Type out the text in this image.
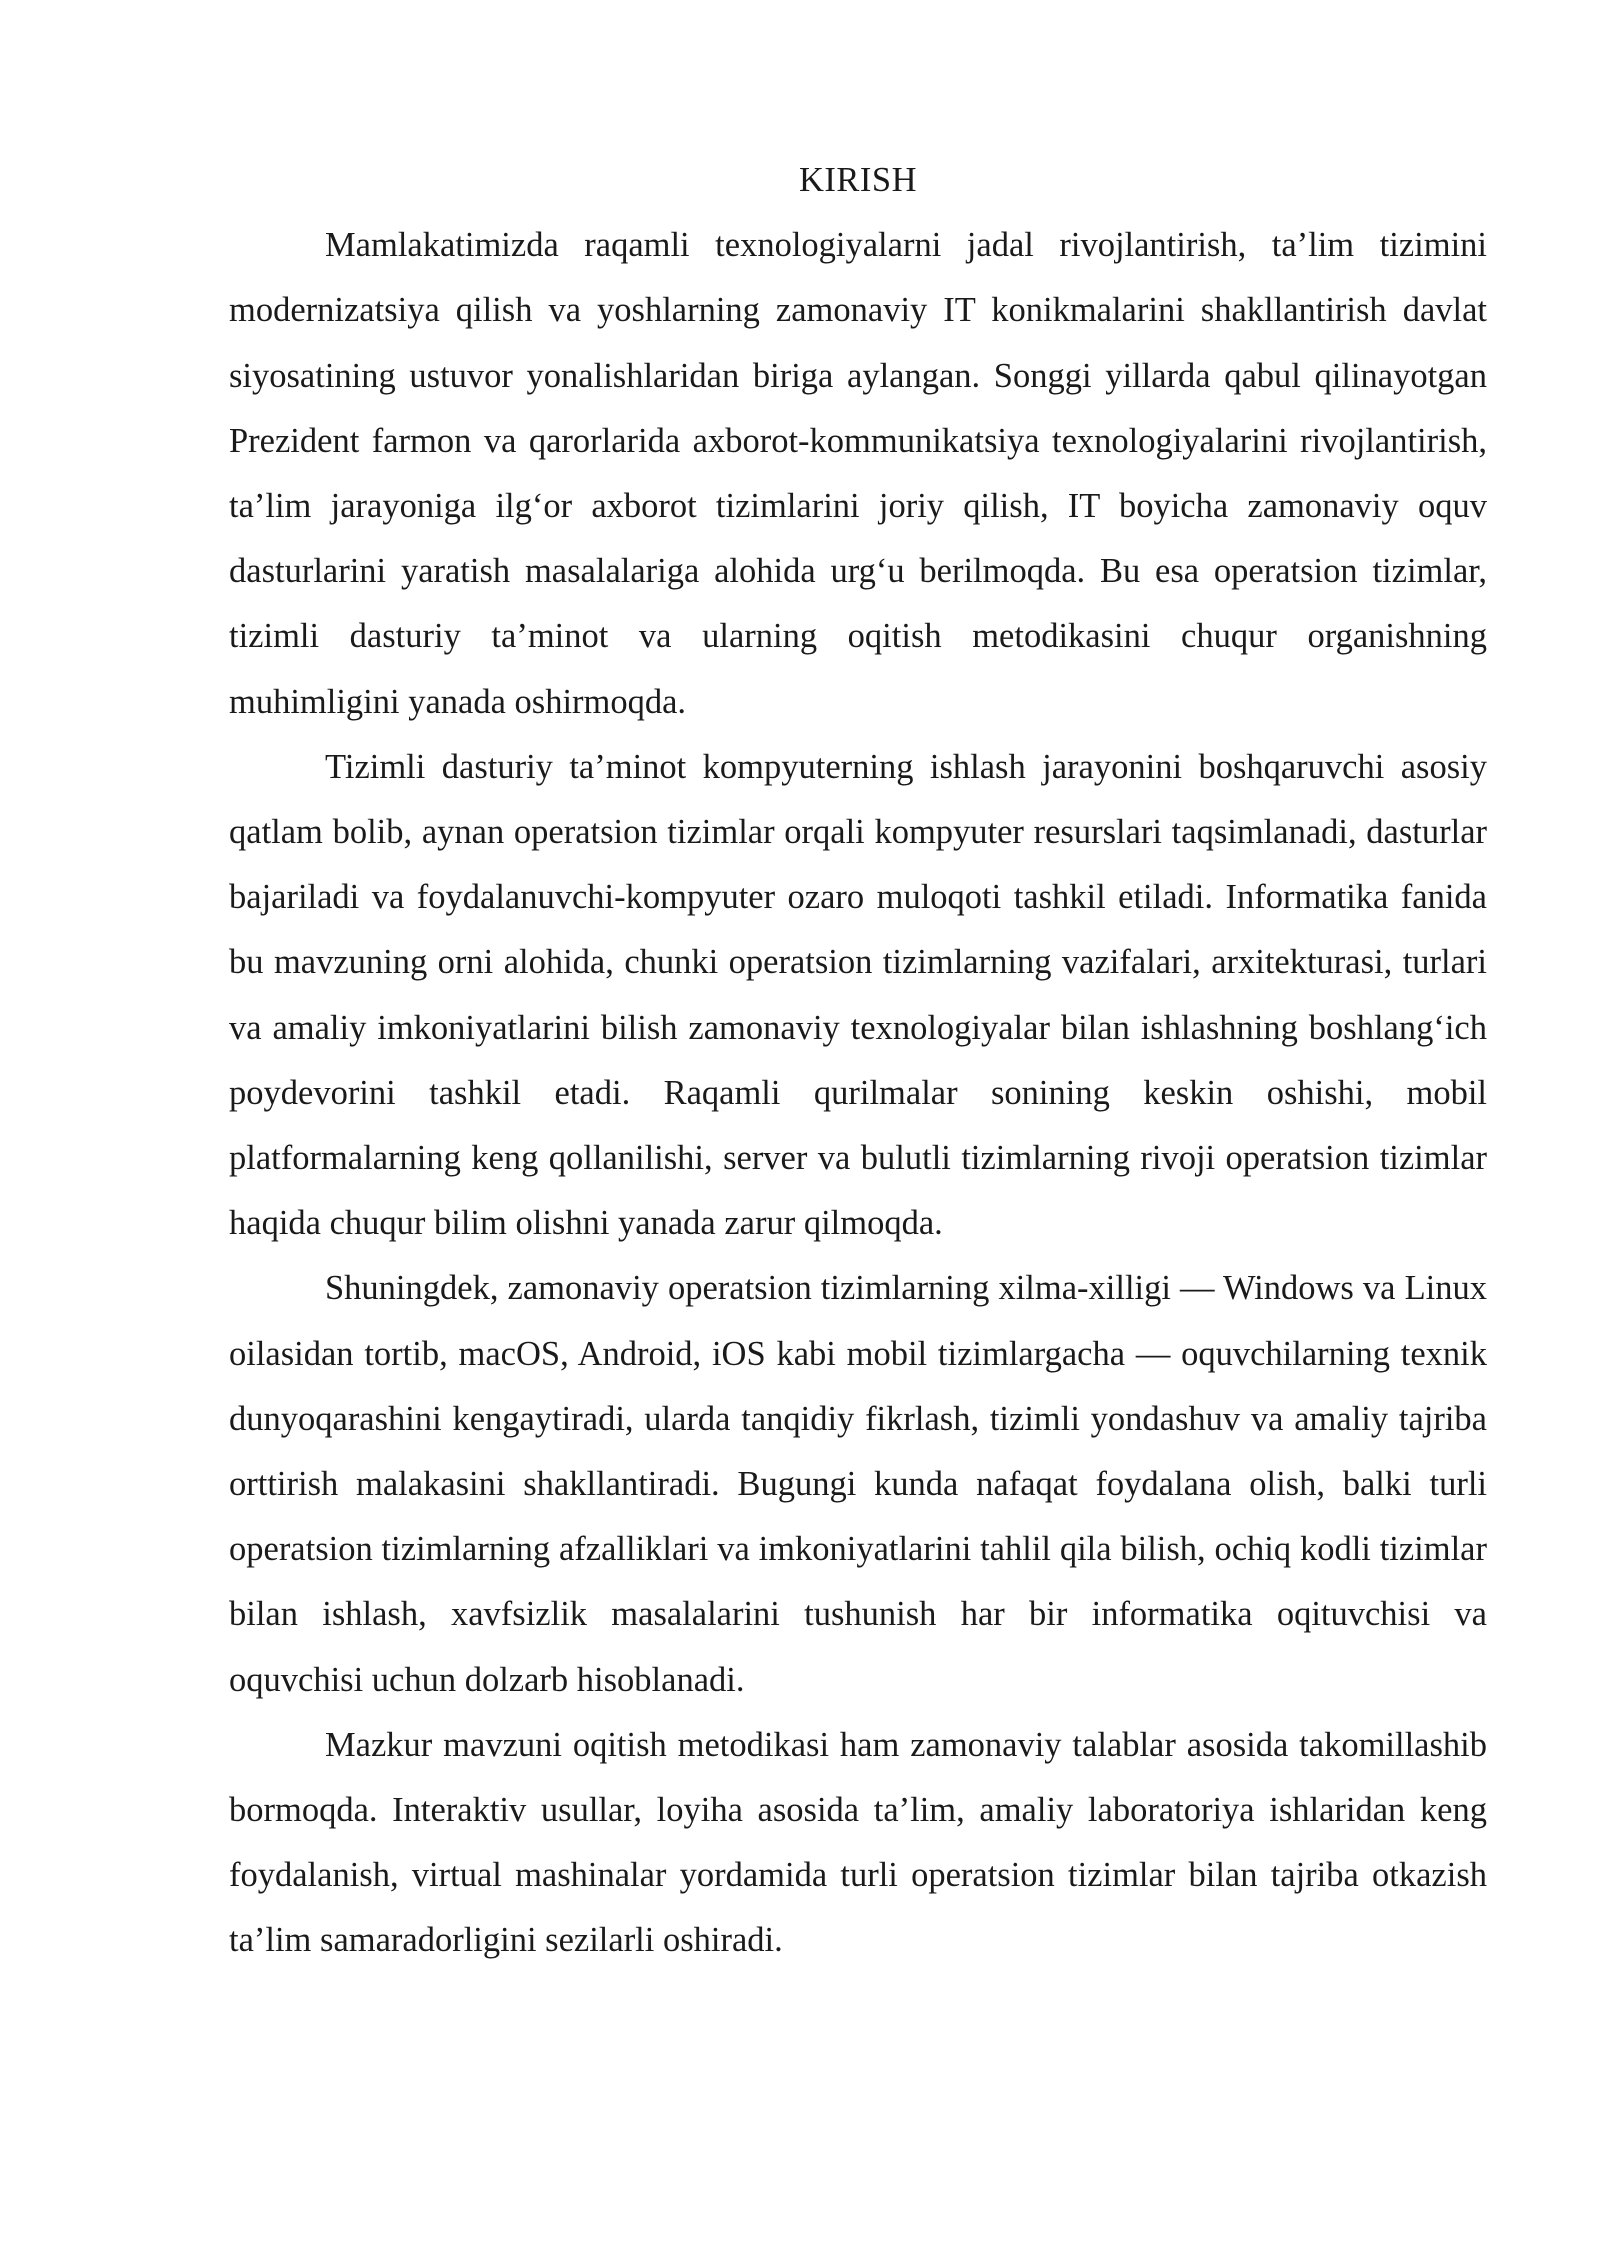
KIRISH

Mamlakatimizda raqamli texnologiyalarni jadal rivojlantirish, ta’lim tizimini modernizatsiya qilish va yoshlarning zamonaviy IT konikmalarini shakllantirish davlat siyosatining ustuvor yonalishlaridan biriga aylangan. Songgi yillarda qabul qilinayotgan Prezident farmon va qarorlarida axborot-kommunikatsiya texnologiyalarini rivojlantirish, ta’lim jarayoniga ilg‘or axborot tizimlarini joriy qilish, IT boyicha zamonaviy oquv dasturlarini yaratish masalalariga alohida urg‘u berilmoqda. Bu esa operatsion tizimlar, tizimli dasturiy ta’minot va ularning oqitish metodikasini chuqur organishning muhimligini yanada oshirmoqda.

Tizimli dasturiy ta’minot kompyuterning ishlash jarayonini boshqaruvchi asosiy qatlam bolib, aynan operatsion tizimlar orqali kompyuter resurslari taqsimlanadi, dasturlar bajariladi va foydalanuvchi-kompyuter ozaro muloqoti tashkil etiladi. Informatika fanida bu mavzuning orni alohida, chunki operatsion tizimlarning vazifalari, arxitekturasi, turlari va amaliy imkoniyatlarini bilish zamonaviy texnologiyalar bilan ishlashning boshlang‘ich poydevorini tashkil etadi. Raqamli qurilmalar sonining keskin oshishi, mobil platformalarning keng qollanilishi, server va bulutli tizimlarning rivoji operatsion tizimlar haqida chuqur bilim olishni yanada zarur qilmoqda.

Shuningdek, zamonaviy operatsion tizimlarning xilma-xilligi — Windows va Linux oilasidan tortib, macOS, Android, iOS kabi mobil tizimlargacha — oquvchilarning texnik dunyoqarashini kengaytiradi, ularda tanqidiy fikrlash, tizimli yondashuv va amaliy tajriba orttirish malakasini shakllantiradi. Bugungi kunda nafaqat foydalana olish, balki turli operatsion tizimlarning afzalliklari va imkoniyatlarini tahlil qila bilish, ochiq kodli tizimlar bilan ishlash, xavfsizlik masalalarini tushunish har bir informatika oqituvchisi va oquvchisi uchun dolzarb hisoblanadi.

Mazkur mavzuni oqitish metodikasi ham zamonaviy talablar asosida takomillashib bormoqda. Interaktiv usullar, loyiha asosida ta’lim, amaliy laboratoriya ishlaridan keng foydalanish, virtual mashinalar yordamida turli operatsion tizimlar bilan tajriba otkazish ta’lim samaradorligini sezilarli oshiradi.
